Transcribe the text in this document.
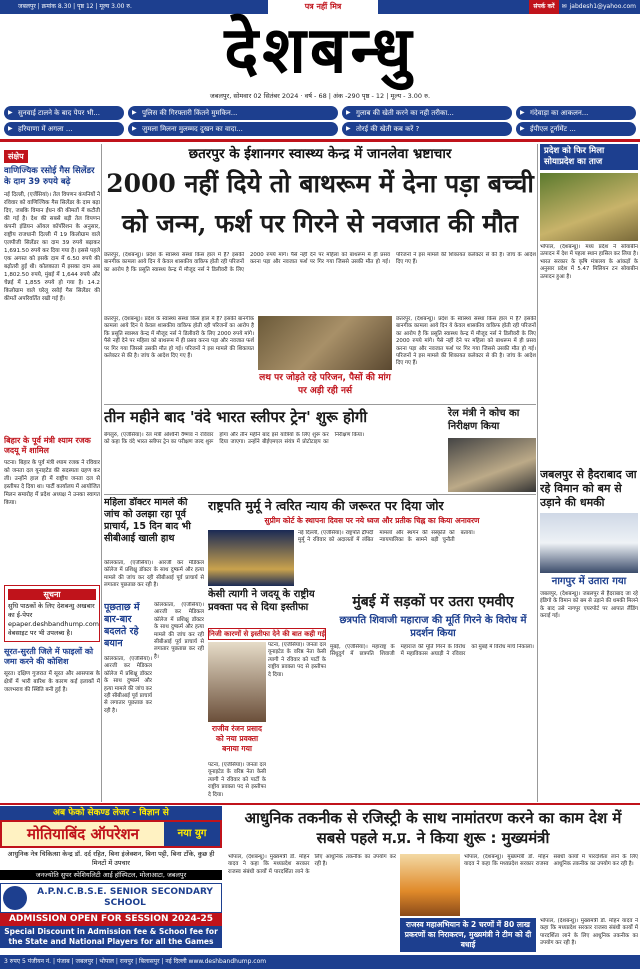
जबलपुर | क्रमांक 8.30 | पृष्ठ 12 | मूल्य 3.00 रु.	पत्र नहीं मित्र	संपर्क करें	✉ jabdesh1@yahoo.com
देशबन्धु
जबलपुर, सोमवार 02 सितंबर 2024 · वर्ष - 68 | अंक -290 पृष्ठ - 12 | मूल्य - 3.00 रु.
▶ सुनवाई टालने के बाद पेपर भी...
▶ हरियाणा में अगला ...
▶ पुलिस की गिरफ्तारी किंतने मुमकिन...
▶ जुमला मिलना मुलम्मद दुखन का वादा...
▶ गुलाब की खेती करने का नही तरीका...
▶ तोरई की खेती कब करें ?
▶ गंदेवाड़ा का आकलन...
▶ ईपीएल टूर्नामेंट ...
संक्षेप
वाणिज्यिक रसोई गैस सिलेंडर के दाम 39 रुपये बढ़े
नई दिल्ली, (एजेंसियां)। तेल विपणन कंपनियों ने रविवार को वाणिज्यिक गैस सिलेंडर के दाम बढ़ा दिए, जबकि विमान ईंधन की कीमतों में कटौती की गई है। देश की सबसे बड़ी तेल विपणन कंपनी इंडियन ऑयल कॉर्पोरेशन के अनुसार, राष्ट्रीय राजधानी दिल्ली में 19 किलोग्राम वाले एलपीजी सिलेंडर का दाम 39 रुपये बढ़ाकर 1,691.50 रुपये कर दिया गया है। इससे पहले एक अगस्त को इसके दाम में 6.50 रुपये की बढ़ोतरी हुई थी। कोलकाता में इसका दाम अब 1,802.50 रुपये, मुंबई में 1,644 रुपये और चेन्नई में 1,855 रुपये हो गया है। 14.2 किलोग्राम वाले घरेलू रसोई गैस सिलेंडर की कीमतें अपरिवर्तित रखी गई हैं।
बिहार के पूर्व मंत्री श्याम रजक जदयू में शामिल
पटना। बिहार के पूर्व मंत्री श्याम रजक ने रविवार को जनता दल यूनाइटेड की सदस्यता ग्रहण कर ली। उन्होंने हाल ही में राष्ट्रीय जनता दल से इस्तीफा दे दिया था। पार्टी कार्यालय में आयोजित मिलन समारोह में प्रदेश अध्यक्ष ने उनका स्वागत किया।
सूचना
सुधि पाठकों के लिए देशबन्धु अखबार का ई-पेपर epaper.deshbandhump.com वेबसाइट पर भी उपलब्ध है।
सूरत-सुरती जिले में फाइलों को जमा करने की कोशिश
सूरत। दक्षिण गुजरात में सूरत और आसपास के क्षेत्रों में भारी बारिश के कारण कई इलाकों में जलभराव की स्थिति बनी हुई है।
छतरपुर के ईशानगर स्वास्थ्य केन्द्र में जानलेवा भ्रष्टाचार
2000 नहीं दिये तो बाथरूम में देना पड़ा बच्ची को जन्म, फर्श पर गिरने से नवजात की मौत
छतरपुर, (देशबन्धु)। प्रदेश के स्वास्थ्य संस्था किस हाल में है? इसकी बानगीक कामला आये दिन ये केवल शासकीय वाकिफ होती रही परिजनों का आरोप है कि प्रसूति स्वास्थ्य केन्द्र में मौजूद नर्स ने डिलीवरी के लिए 2000 रुपये मांगे। पैसे नहीं देने पर महिला को बाथरूम में ही प्रसव करना पड़ा और नवजात फर्श पर गिर गया जिससे उसकी मौत हो गई। परिजनों ने इस मामले की शिकायत कलेक्टर से की है। जांच के आदेश दिए गए हैं।
छतरपुर, (देशबन्धु)। प्रदेश के स्वास्थ्य संस्था किस हाल में है? इसकी बानगीक कामला आये दिन ये केवल शासकीय वाकिफ होती रही परिजनों का आरोप है कि प्रसूति स्वास्थ्य केन्द्र में मौजूद नर्स ने डिलीवरी के लिए 2000 रुपये मांगे। पैसे नहीं देने पर महिला को बाथरूम में ही प्रसव करना पड़ा और नवजात फर्श पर गिर गया जिससे उसकी मौत हो गई। परिजनों ने इस मामले की शिकायत कलेक्टर से की है। जांच के आदेश दिए गए हैं।
लथ पर जोड़ते रहे परिजन, पैसों की मांग पर अड़ी रही नर्स
छतरपुर, (देशबन्धु)। प्रदेश के स्वास्थ्य संस्था किस हाल में है? इसकी बानगीक कामला आये दिन ये केवल शासकीय वाकिफ होती रही परिजनों का आरोप है कि प्रसूति स्वास्थ्य केन्द्र में मौजूद नर्स ने डिलीवरी के लिए 2000 रुपये मांगे। पैसे नहीं देने पर महिला को बाथरूम में ही प्रसव करना पड़ा और नवजात फर्श पर गिर गया जिससे उसकी मौत हो गई। परिजनों ने इस मामले की शिकायत कलेक्टर से की है। जांच के आदेश दिए गए हैं।
तीन महीने बाद 'वंदे भारत स्लीपर ट्रेन' शुरू होगी
बेंगलुरु, (एजेंसियां)। रेल मंत्री अश्विनी वैष्णव ने रविवार को कहा कि वंदे भारत स्लीपर ट्रेन का परीक्षण जल्द शुरू होगा और तीन महीने बाद इसे यात्रियों के लिए शुरू कर दिया जाएगा। उन्होंने बीईएमएल संयंत्र में प्रोटोटाइप का निरीक्षण किया।
रेल मंत्री ने कोच का निरीक्षण किया
महिला डॉक्टर मामले की जांच को उलझा रहा पूर्व प्राचार्य, 15 दिन बाद भी सीबीआई खाली हाथ
कोलकाता, (एजेंसियां)। आरजी कर मेडिकल कॉलेज में प्रशिक्षु डॉक्टर के साथ दुष्कर्म और हत्या मामले की जांच कर रही सीबीआई पूर्व प्राचार्य से लगातार पूछताछ कर रही है।
पूछताछ में बार-बार बदलते रहे बयान
कोलकाता, (एजेंसियां)। आरजी कर मेडिकल कॉलेज में प्रशिक्षु डॉक्टर के साथ दुष्कर्म और हत्या मामले की जांच कर रही सीबीआई पूर्व प्राचार्य से लगातार पूछताछ कर रही है।
कोलकाता, (एजेंसियां)। आरजी कर मेडिकल कॉलेज में प्रशिक्षु डॉक्टर के साथ दुष्कर्म और हत्या मामले की जांच कर रही सीबीआई पूर्व प्राचार्य से लगातार पूछताछ कर रही है।
राष्ट्रपति मुर्मू ने त्वरित न्याय की जरूरत पर दिया जोर
सुप्रीम कोर्ट के स्थापना दिवस पर नये ध्वज और प्रतीक चिह्न का किया अनावरण
नई दिल्ली, (एजेंसियां)। राष्ट्रपति द्रौपदी मुर्मू ने रविवार को अदालतों में लंबित मामलों और स्थगन की संस्कृति को न्यायपालिका के सामने बड़ी चुनौती बताया।
केसी त्यागी ने जदयू के राष्ट्रीय प्रवक्ता पद से दिया इस्तीफा
निजी कारणों से इस्तीफा देने की बात कही गई
पटना, (एजेंसियां)। जनता दल यूनाइटेड के वरिष्ठ नेता केसी त्यागी ने रविवार को पार्टी के राष्ट्रीय प्रवक्ता पद से इस्तीफा दे दिया।
राजीव रंजन प्रसाद को नया प्रवक्ता बनाया गया
पटना, (एजेंसियां)। जनता दल यूनाइटेड के वरिष्ठ नेता केसी त्यागी ने रविवार को पार्टी के राष्ट्रीय प्रवक्ता पद से इस्तीफा दे दिया।
मुंबई में सड़कों पर उतरा एमवीए
छत्रपति शिवाजी महाराज की मूर्ति गिरने के विरोध में प्रदर्शन किया
मुंबई, (एजेंसियां)। महाराष्ट्र के सिंधुदुर्ग में छत्रपति शिवाजी महाराज की मूर्ति गिरने के विरोध में महाविकास अघाड़ी ने रविवार को मुंबई में विरोध मार्च निकाला।
प्रदेश को फिर मिला सोयाप्रदेश का ताज
भोपाल, (देशबन्धु)। मध्य प्रदेश ने सोयाबीन उत्पादन में देश में पहला स्थान हासिल कर लिया है। भारत सरकार के कृषि मंत्रालय के आंकड़ों के अनुसार प्रदेश में 5.47 मिलियन टन सोयाबीन उत्पादन हुआ है।
जबलपुर से हैदराबाद जा रहे विमान को बम से उड़ाने की धमकी
नागपुर में उतारा गया
जबलपुर, (देशबन्धु)। जबलपुर से हैदराबाद जा रहे इंडिगो के विमान को बम से उड़ाने की धमकी मिलने के बाद उसे नागपुर एयरपोर्ट पर आपात लैंडिंग कराई गई।
अब फेको सेकण्ड लेजर - विज्ञान से
मोतियाबिंद ऑपरेशन	नया युग
आधुनिक नेत्र चिकित्सा केन्द्र डॉ. दर्द रहित, बिना इंजेक्शन, बिना पट्टी, बिना टाँके, कुछ ही मिनटों में उपचार
जनज्योति सुपर स्पेशियलिटी आई हॉस्पिटल, मोलाआटा, जबलपुर
A.P.N.C.B.S.E. SENIOR SECONDARY SCHOOL
ADMISSION OPEN FOR SESSION 2024-25
Special Discount in Admission fee & School fee for the State and National Players for all the Games
आधुनिक तकनीक से रजिस्ट्री के साथ नामांतरण करने का काम देश में सबसे पहले म.प्र. ने किया शुरू : मुख्यमंत्री
भोपाल, (देशबन्धु)। मुख्यमंत्री डॉ. मोहन यादव ने कहा कि मध्यप्रदेश सरकार राजस्व संबंधी कार्यों में पारदर्शिता लाने के लिए आधुनिक तकनीक का उपयोग कर रही है।
राजस्व महाअभियान के 2 चरणों में 80 लाख प्रकरणों का निराकरण, मुख्यमंत्री ने टीम को दी बधाई
भोपाल, (देशबन्धु)। मुख्यमंत्री डॉ. मोहन यादव ने कहा कि मध्यप्रदेश सरकार राजस्व संबंधी कार्यों में पारदर्शिता लाने के लिए आधुनिक तकनीक का उपयोग कर रही है।
भोपाल, (देशबन्धु)। मुख्यमंत्री डॉ. मोहन यादव ने कहा कि मध्यप्रदेश सरकार राजस्व संबंधी कार्यों में पारदर्शिता लाने के लिए आधुनिक तकनीक का उपयोग कर रही है।
3 रुपए 5 पंजीयन नं. | पंजाब | जबलपुर | भोपाल | रायपुर | बिलासपुर | नई दिल्ली www.deshbandhump.com
